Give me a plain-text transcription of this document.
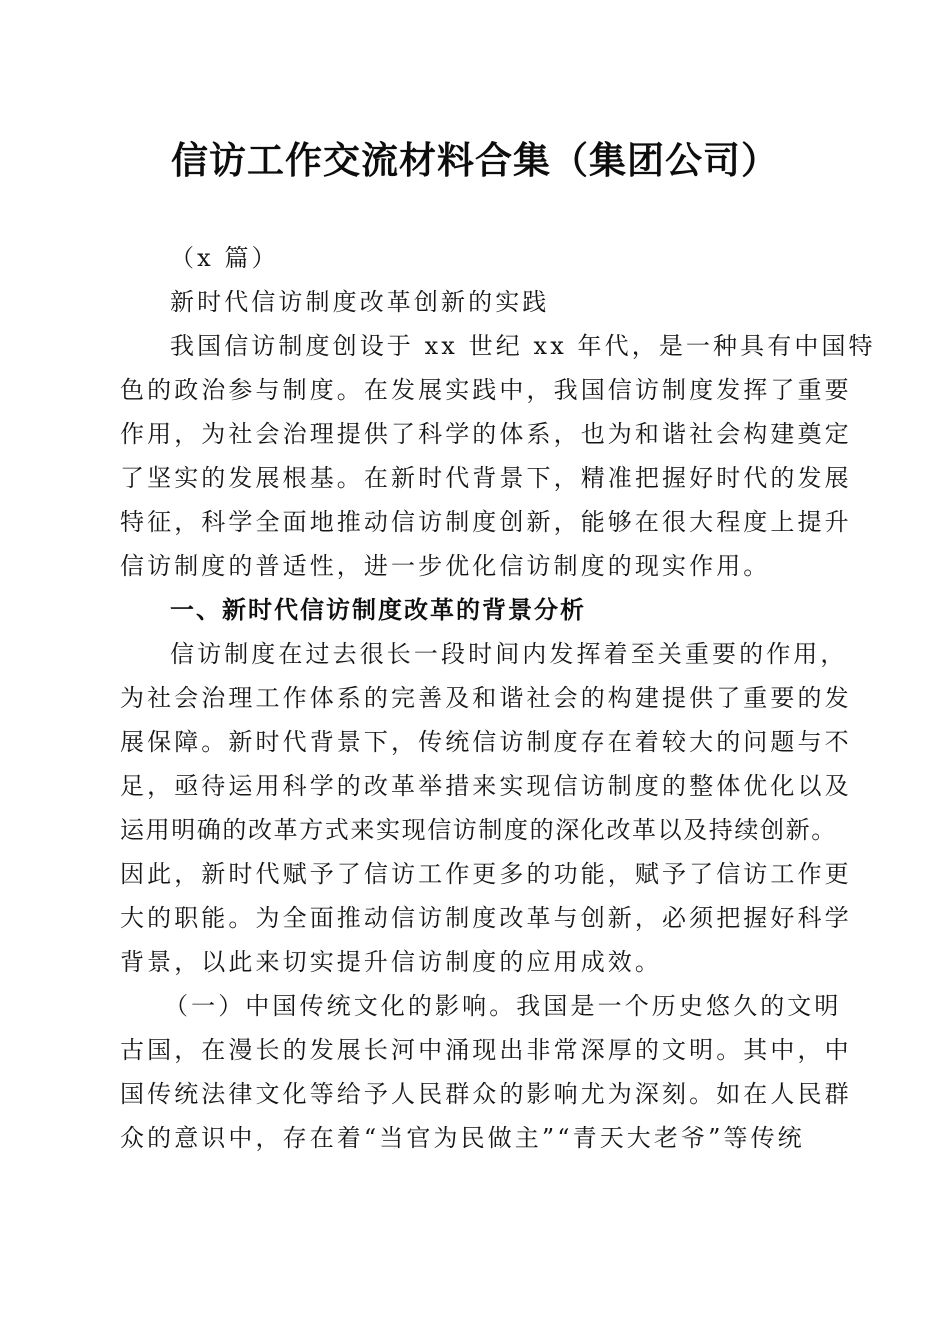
信访工作交流材料合集（集团公司）
（x 篇）
新时代信访制度改革创新的实践
我国信访制度创设于 xx 世纪 xx 年代，是一种具有中国特
色的政治参与制度。在发展实践中，我国信访制度发挥了重要
作用，为社会治理提供了科学的体系，也为和谐社会构建奠定
了坚实的发展根基。在新时代背景下，精准把握好时代的发展
特征，科学全面地推动信访制度创新，能够在很大程度上提升
信访制度的普适性，进一步优化信访制度的现实作用。
一、新时代信访制度改革的背景分析
信访制度在过去很长一段时间内发挥着至关重要的作用，
为社会治理工作体系的完善及和谐社会的构建提供了重要的发
展保障。新时代背景下，传统信访制度存在着较大的问题与不
足，亟待运用科学的改革举措来实现信访制度的整体优化以及
运用明确的改革方式来实现信访制度的深化改革以及持续创新。
因此，新时代赋予了信访工作更多的功能，赋予了信访工作更
大的职能。为全面推动信访制度改革与创新，必须把握好科学
背景，以此来切实提升信访制度的应用成效。
（一）中国传统文化的影响。我国是一个历史悠久的文明
古国，在漫长的发展长河中涌现出非常深厚的文明。其中，中
国传统法律文化等给予人民群众的影响尤为深刻。如在人民群
众的意识中，存在着“当官为民做主”“青天大老爷”等传统
